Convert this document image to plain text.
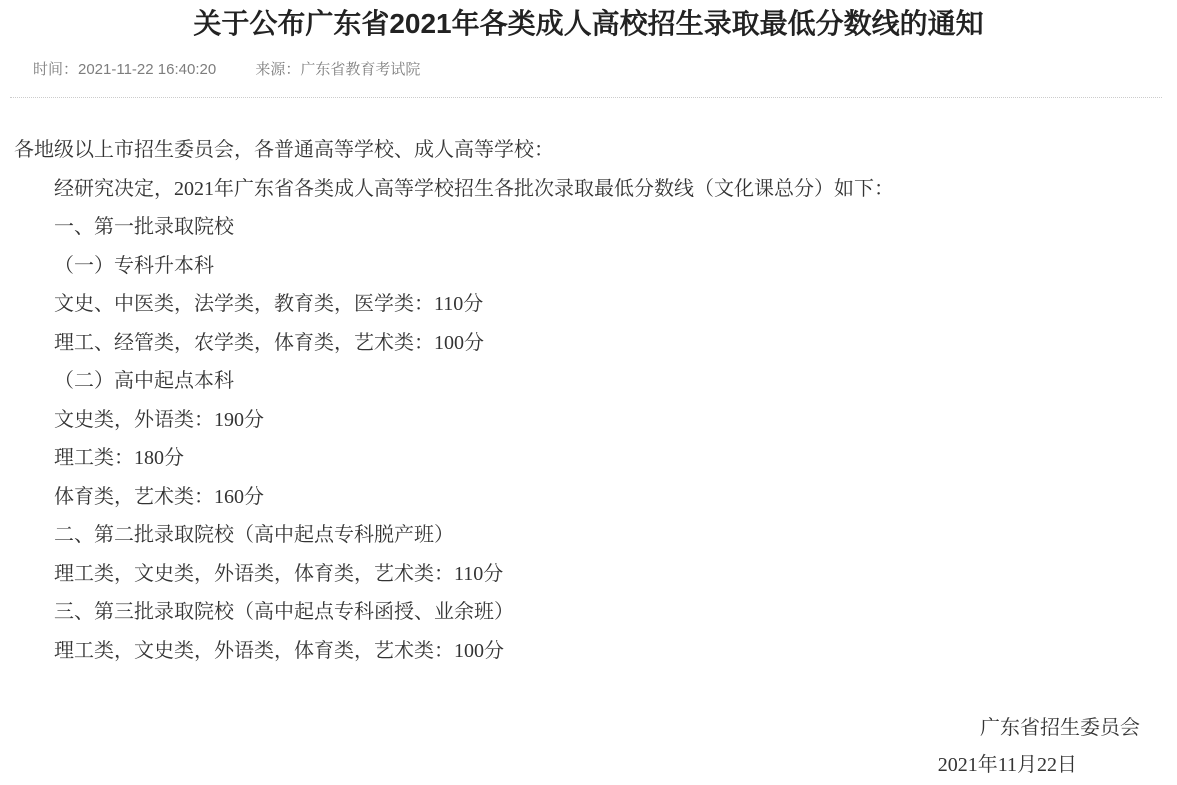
关于公布广东省2021年各类成人高校招生录取最低分数线的通知
时间：2021-11-22 16:40:20	来源：广东省教育考试院

各地级以上市招生委员会，各普通高等学校、成人高等学校：

经研究决定，2021年广东省各类成人高等学校招生各批次录取最低分数线（文化课总分）如下：

一、第一批录取院校

（一）专科升本科

文史、中医类，法学类，教育类，医学类：110分

理工、经管类，农学类，体育类，艺术类：100分

（二）高中起点本科

文史类，外语类：190分

理工类：180分

体育类，艺术类：160分

二、第二批录取院校（高中起点专科脱产班）

理工类，文史类，外语类，体育类，艺术类：110分

三、第三批录取院校（高中起点专科函授、业余班）

理工类，文史类，外语类，体育类，艺术类：100分

广东省招生委员会

2021年11月22日
